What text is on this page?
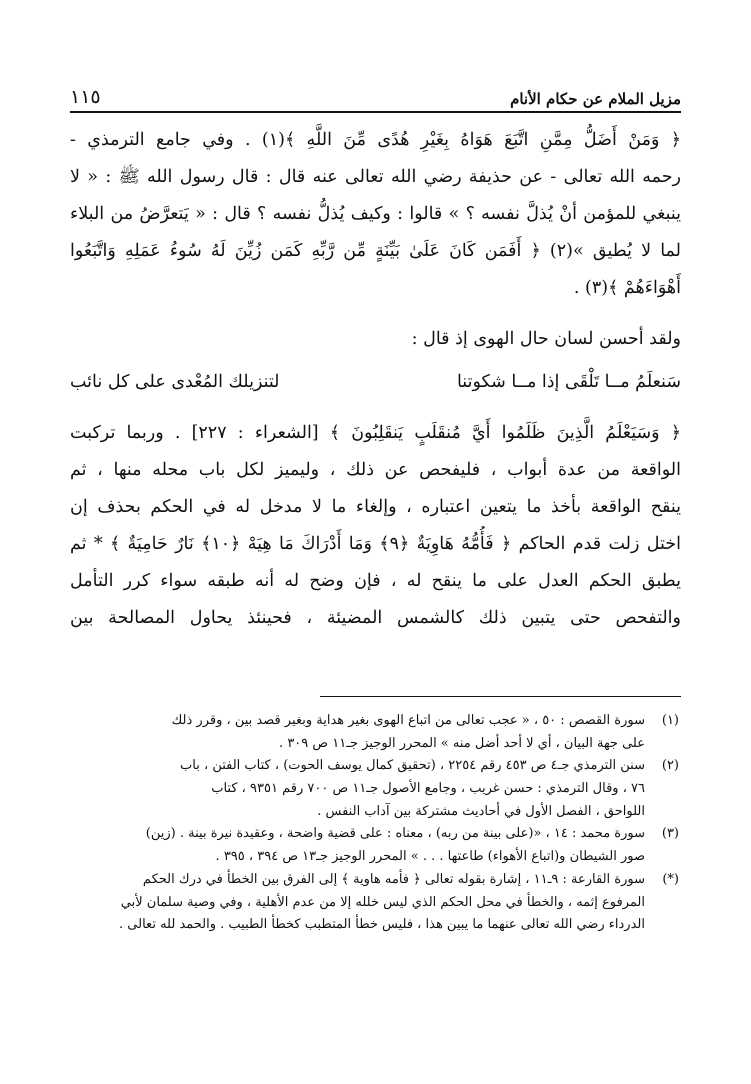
١١٥	مزيل الملام عن حكام الأنام
﴿ وَمَنْ أَضَلُّ مِمَّنِ اتَّبَعَ هَوَاهُ بِغَيْرِ هُدًى مِّنَ اللَّهِ ﴾(١) . وفي جامع الترمذي -
رحمه الله تعالى - عن حذيفة رضي الله تعالى عنه قال : قال رسول الله ﷺ : « لا
ينبغي للمؤمن أنْ يُذلَّ نفسه ؟ » قالوا : وكيف يُذلُّ نفسه ؟ قال : « يَتعرَّضُ من البلاء
لما لا يُطيق »(٢) ﴿ أَفَمَن كَانَ عَلَىٰ بَيِّنَةٍ مِّن رَّبِّهِ كَمَن زُيِّنَ لَهُ سُوءُ عَمَلِهِ وَاتَّبَعُوا
أَهْوَاءَهُمْ ﴾(٣) .
ولقد أحسن لسان حال الهوى إذ قال :
سَنعلَمُ مــا تَلْقَى إذا مــا شكوتنا
لتنزيلك المُعْدى على كل نائب
﴿ وَسَيَعْلَمُ الَّذِينَ ظَلَمُوا أَيَّ مُنقَلَبٍ يَنقَلِبُونَ ﴾ [الشعراء : ٢٢٧] . وربما تركبت
الواقعة من عدة أبواب ، فليفحص عن ذلك ، وليميز لكل باب محله منها ، ثم
ينقح الواقعة بأخذ ما يتعين اعتباره ، وإلغاء ما لا مدخل له في الحكم بحذف إن
اختل زلت قدم الحاكم ﴿ فَأُمُّهُ هَاوِيَةٌ ﴿٩﴾ وَمَا أَدْرَاكَ مَا هِيَهْ ﴿١٠﴾ نَارٌ حَامِيَةٌ ﴾ * ثم
يطبق الحكم العدل على ما ينقح له ، فإن وضح له أنه طبقه سواء كرر التأمل
والتفحص حتى يتبين ذلك كالشمس المضيئة ، فحينئذ يحاول المصالحة بين
(١)
سورة القصص : ٥٠ ، « عجب تعالى من اتباع الهوى بغير هداية وبغير قصد بين ، وقرر ذلك
على جهة البيان ، أي لا أحد أضل منه » المحرر الوجيز جـ١١ ص ٣٠٩ .
(٢)
سنن الترمذي جـ٤ ص ٤٥٣ رقم ٢٢٥٤ ، (تحقيق كمال يوسف الحوت) ، كتاب الفتن ، باب
٧٦ ، وقال الترمذي : حسن غريب ، وجامع الأصول جـ١١ ص ٧٠٠ رقم ٩٣٥١ ، كتاب
اللواحق ، الفصل الأول في أحاديث مشتركة بين آداب النفس .
(٣)
سورة محمد : ١٤ ، «(على بينة من ربه) ، معناه : على قضية واضحة ، وعقيدة نيرة بينة . (زين)
صور الشيطان و(اتباع الأهواء) طاعتها . . . » المحرر الوجيز جـ١٣ ص ٣٩٤ ، ٣٩٥ .
(*)
سورة القارعة : ٩ـ١١ ، إشارة بقوله تعالى ﴿ فأمه هاوية ﴾ إلى الفرق بين الخطأ في درك الحكم
المرفوع إثمه ، والخطأ في محل الحكم الذي ليس خلله إلا من عدم الأهلية ، وفي وصية سلمان لأبي
الدرداء رضي الله تعالى عنهما ما يبين هذا ، فليس خطأ المتطبب كخطأ الطبيب . والحمد لله تعالى .
